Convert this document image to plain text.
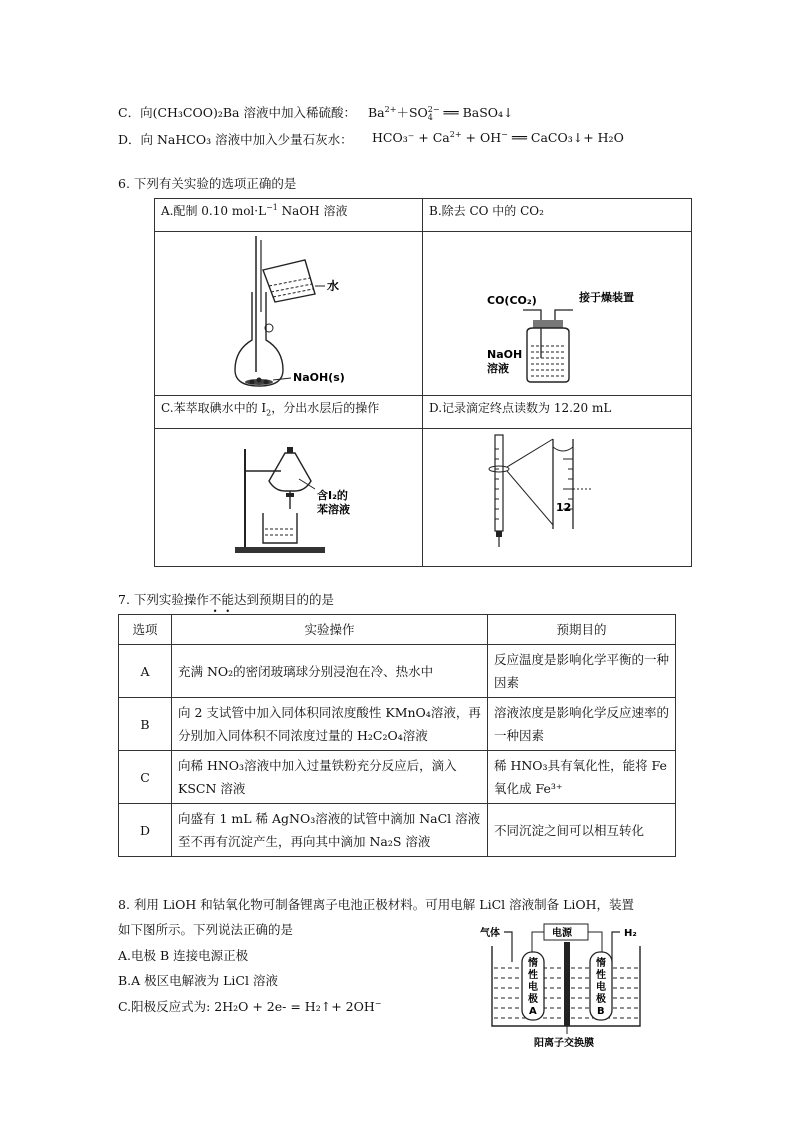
C．向(CH₃COO)₂Ba 溶液中加入稀硫酸： $Ba^{2+}+SO$ 2−
4 ══ BaSO₄↓
D．向 NaHCO₃ 溶液中加入少量石灰水： $HCO_3^- + Ca^{2+} + OH^-$ ══ CaCO₃↓+ H₂O
6. 下列有关实验的选项正确的是
A.配制 0.10 $mol\cdot L^{-1}$ NaOH 溶液	B.除去 CO 中的 CO₂

水
NaOH(s)	CO(CO₂) 接于燥装置
NaOH
溶液

C.苯萃取碘水中的 $I_2$，分出水层后的操作	D.记录滴定终点读数为 12.20 mL

含I₂的
苯溶液	12
7. 下列实验操作不能达到预期目的的是
选项	实验操作	预期目的
A	充满 NO₂的密闭玻璃球分别浸泡在冷、热水中	反应温度是影响化学平衡的一种因素
B	向 2 支试管中加入同体积同浓度酸性 KMnO₄溶液，再分别加入同体积不同浓度过量的 H₂C₂O₄溶液	溶液浓度是影响化学反应速率的一种因素
C	向稀 HNO₃溶液中加入过量铁粉充分反应后，滴入 KSCN 溶液	稀 HNO₃具有氧化性，能将 Fe 氧化成 Fe³⁺
D	向盛有 1 mL 稀 AgNO₃溶液的试管中滴加 NaCl 溶液至不再有沉淀产生，再向其中滴加 Na₂S 溶液	不同沉淀之间可以相互转化
8. 利用 LiOH 和钴氧化物可制备锂离子电池正极材料。可用电解 LiCl 溶液制备 LiOH，装置
如下图所示。下列说法正确的是
A.电极 B 连接电源正极
B.A 极区电解液为 LiCl 溶液
C.阳极反应式为: 2H₂O + 2e- = H₂↑+ 2OH−
气体	H₂
电源
惰
性
电
极
A
惰
性
电
极
B
阳离子交换膜
